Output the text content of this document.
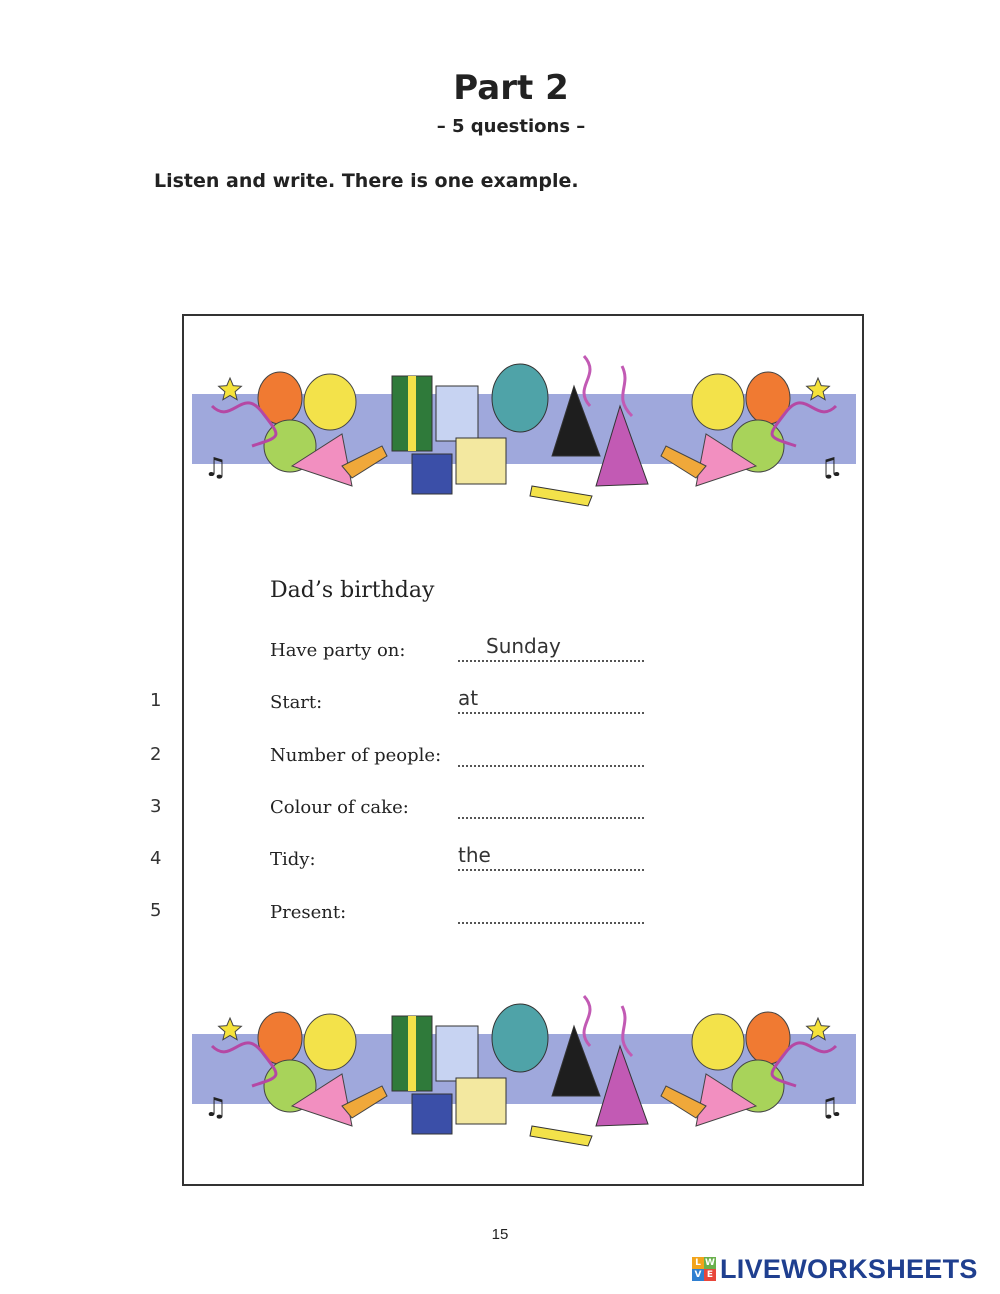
Part 2
– 5 questions –
Listen and write. There is one example.
♫	♫
♫	♫
Dad’s birthday
Have party on:	Sunday
1	Start:	at
2	Number of people:
3	Colour of cake:
4	Tidy:	the
5	Present:
15
L W
V E LIVEWORKSHEETS
